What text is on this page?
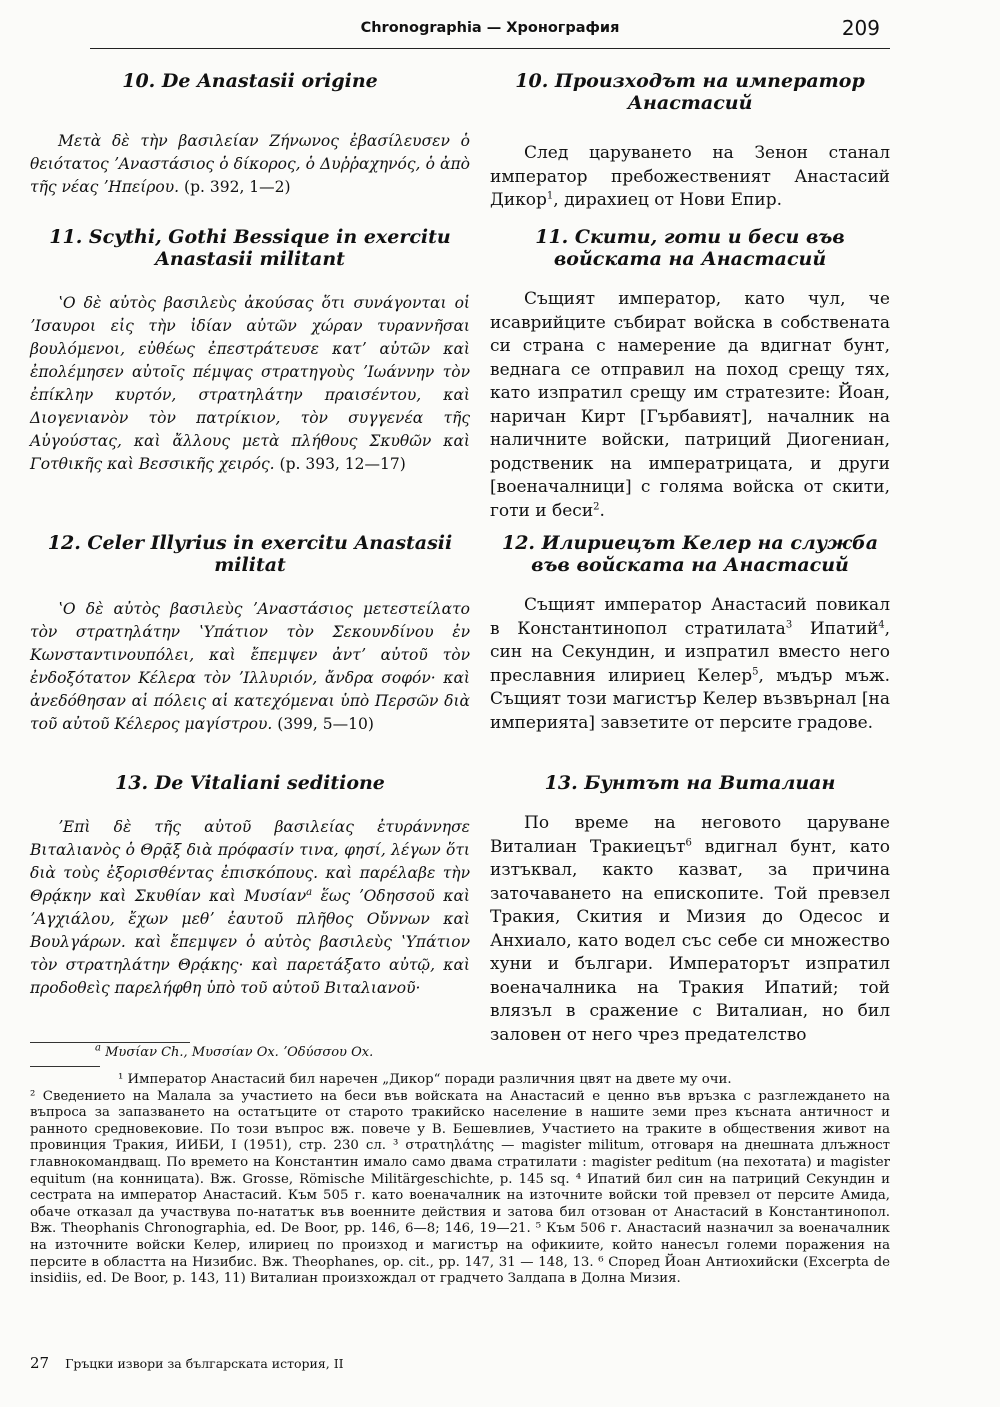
Chronographia — Хронография	209
10. De Anastasii origine

Μετὰ δὲ τὴν βασιλείαν Ζήνωνος ἐβασίλευσεν ὁ θειότατος ʼΑναστάσιος ὁ δίκορος, ὁ Δυῤῥαχηνός, ὁ ἀπὸ τῆς νέας ʼΗπείρου. (p. 392, 1—2)

11. Scythi, Gothi Bessique in exercitu Anastasii militant

ʽΟ δὲ αὐτὸς βασιλεὺς ἀκούσας ὅτι συνάγονται οἱ ʼΙσαυροι εἰς τὴν ἰδίαν αὐτῶν χώραν τυραννῆσαι βουλόμενοι, εὐθέως ἐπεστράτευσε κατʼ αὐτῶν καὶ ἐπολέμησεν αὐτοῖς πέμψας στρατηγοὺς ʼΙωάννην τὸν ἐπίκλην κυρτόν, στρατηλάτην πραισέντου, καὶ Διογενιανὸν τὸν πατρίκιον, τὸν συγγενέα τῆς Αὐγούστας, καὶ ἄλλους μετὰ πλήθους Σκυθῶν καὶ Γοτθικῆς καὶ Βεσσικῆς χειρός. (p. 393, 12—17)

12. Celer Illyrius in exercitu Anastasii militat

ʽΟ δὲ αὐτὸς βασιλεὺς ʼΑναστάσιος μετεστείλατο τὸν στρατηλάτην ʽΥπάτιον τὸν Σεκουνδίνου ἐν Κωνσταντινουπόλει, καὶ ἔπεμψεν ἀντʼ αὐτοῦ τὸν ἐνδοξότατον Κέλερα τὸν ʼΙλλυριόν, ἄνδρα σοφόν· καὶ ἀνεδόθησαν αἱ πόλεις αἱ κατεχόμεναι ὑπὸ Περσῶν διὰ τοῦ αὐτοῦ Κέλερος μαγίστρου. (399, 5—10)

13. De Vitaliani seditione

ʼΕπὶ δὲ τῆς αὐτοῦ βασιλείας ἐτυράννησε Βιταλιανὸς ὁ Θρᾷξ διὰ πρόφασίν τινα, φησί, λέγων ὅτι διὰ τοὺς ἐξορισθέντας ἐπισκόπους. καὶ παρέλαβε τὴν Θρᾴκην καὶ Σκυθίαν καὶ Μυσίαν$^a$ ἕως ʼΟδησσοῦ καὶ ʼΑγχιάλου, ἔχων μεθʼ ἑαυτοῦ πλῆθος Οὔννων καὶ Βουλγάρων. καὶ ἔπεμψεν ὁ αὐτὸς βασιλεὺς ʽΥπάτιον τὸν στρατηλάτην Θρᾴκης· καὶ παρετάξατο αὐτῷ, καὶ προδοθεὶς παρελήφθη ὑπὸ τοῦ αὐτοῦ Βιταλιανοῦ·

10. Произходът на император Анастасий

След царуването на Зенон станал император пребожественият Анастасий Дикор$^1$, дирахиец от Нови Епир.

11. Скити, готи и беси във войската на Анастасий

Същият император, като чул, че исаврийците събират войска в собствената си страна с намерение да вдигнат бунт, веднага се отправил на поход срещу тях, като изпратил срещу им стратезите: Йоан, наричан Кирт [Гърбавият], началник на наличните войски, патриций Диогениан, родственик на императрицата, и други [военачалници] с голяма войска от скити, готи и беси$^2$.

12. Илириецът Келер на служба във войската на Анастасий

Същият император Анастасий повикал в Константинопол стратилата$^3$ Ипатий$^4$, син на Секундин, и изпратил вместо него преславния илириец Келер$^5$, мъдър мъж. Същият този магистър Келер възвърнал [на империята] завзетите от персите градове.

13. Бунтът на Виталиан

По време на неговото царуване Виталиан Тракиецът$^6$ вдигнал бунт, като изтъквал, както казват, за причина заточаването на епископите. Той превзел Тракия, Скития и Мизия до Одесос и Анхиало, като водел със себе си множество хуни и българи. Императорът изпратил военачалника на Тракия Ипатий; той влязъл в сражение с Виталиан, но бил заловен от него чрез предателство

$^a$ Μυσίαν Ch., Μυσσίαν Ox. ʼΟδύσσου Ox.

¹ Император Анастасий бил наречен „Дикор“ поради различния цвят на двете му очи.

² Сведението на Малала за участието на беси във войската на Анастасий е ценно във връзка с разглеждането на въпроса за запазването на остатъците от старото тракийско население в нашите земи през късната античност и ранното средновековие. По този въпрос вж. повече у В. Бешевлиев, Участието на траките в обществения живот на провинция Тракия, ИИБИ, I (1951), стр. 230 сл. ³ στρατηλάτης — magister militum, отговаря на днешната длъжност главнокомандващ. По времето на Константин имало само двама стратилати : magister peditum (на пехотата) и magister equitum (на конницата). Вж. Grosse, Römische Militärgeschichte, p. 145 sq. ⁴ Ипатий бил син на патриций Секундин и сестрата на император Анастасий. Към 505 г. като военачалник на източните войски той превзел от персите Амида, обаче отказал да участвува по-нататък във военните действия и затова бил отзован от Анастасий в Константинопол. Вж. Theophanis Chronographia, ed. De Boor, pp. 146, 6—8; 146, 19—21. ⁵ Към 506 г. Анастасий назначил за военачалник на източните войски Келер, илириец по произход и магистър на офикиите, който нанесъл големи поражения на персите в областта на Низибис. Вж. Theophanes, op. cit., pp. 147, 31 — 148, 13. ⁶ Според Йоан Антиохийски (Excerpta de insidiis, ed. De Boor, p. 143, 11) Виталиан произхождал от градчето Залдапа в Долна Мизия.

27 Гръцки извори за българската история, II
